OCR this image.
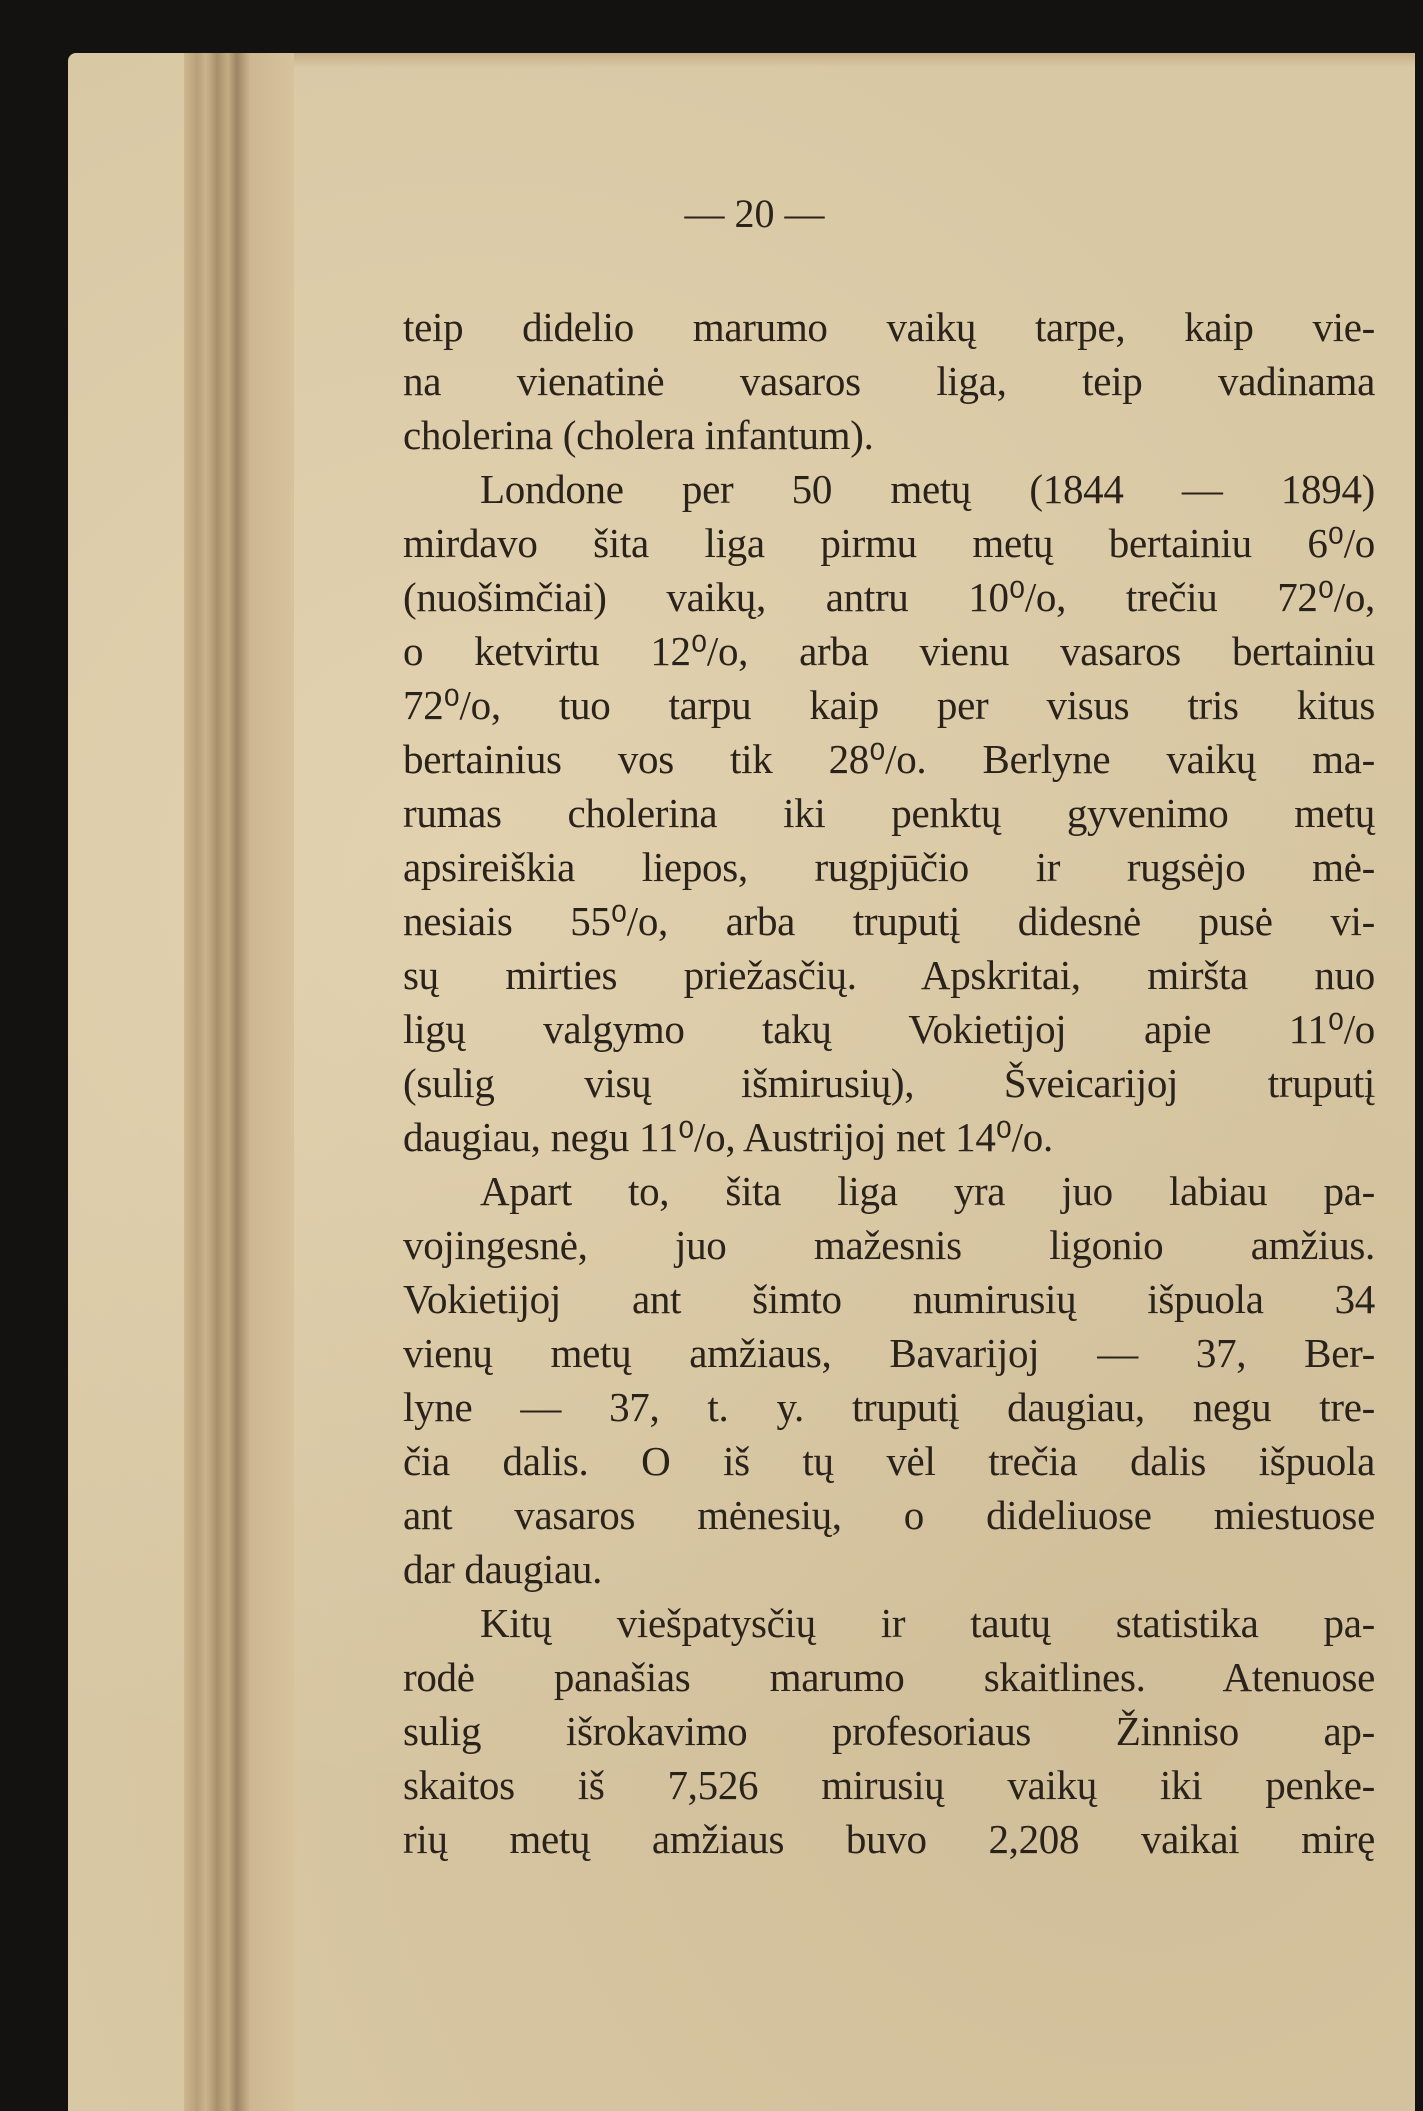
— 20 —
teip didelio marumo vaikų tarpe, kaip vie-
na vienatinė vasaros liga, teip vadinama
cholerina (cholera infantum).
Londone per 50 metų (1844 — 1894)
mirdavo šita liga pirmu metų bertainiu 6⁰/o
(nuošimčiai) vaikų, antru 10⁰/o, trečiu 72⁰/o,
o ketvirtu 12⁰/o, arba vienu vasaros bertainiu
72⁰/o, tuo tarpu kaip per visus tris kitus
bertainius vos tik 28⁰/o. Berlyne vaikų ma-
rumas cholerina iki penktų gyvenimo metų
apsireiškia liepos, rugpjūčio ir rugsėjo mė-
nesiais 55⁰/o, arba truputį didesnė pusė vi-
sų mirties priežasčių. Apskritai, miršta nuo
ligų valgymo takų Vokietijoj apie 11⁰/o
(sulig visų išmirusių), Šveicarijoj truputį
daugiau, negu 11⁰/o, Austrijoj net 14⁰/o.
Apart to, šita liga yra juo labiau pa-
vojingesnė, juo mažesnis ligonio amžius.
Vokietijoj ant šimto numirusių išpuola 34
vienų metų amžiaus, Bavarijoj — 37, Ber-
lyne — 37, t. y. truputį daugiau, negu tre-
čia dalis. O iš tų vėl trečia dalis išpuola
ant vasaros mėnesių, o dideliuose miestuose
dar daugiau.
Kitų viešpatysčių ir tautų statistika pa-
rodė panašias marumo skaitlines. Atenuose
sulig išrokavimo profesoriaus Žinniso ap-
skaitos iš 7,526 mirusių vaikų iki penke-
rių metų amžiaus buvo 2,208 vaikai mirę
